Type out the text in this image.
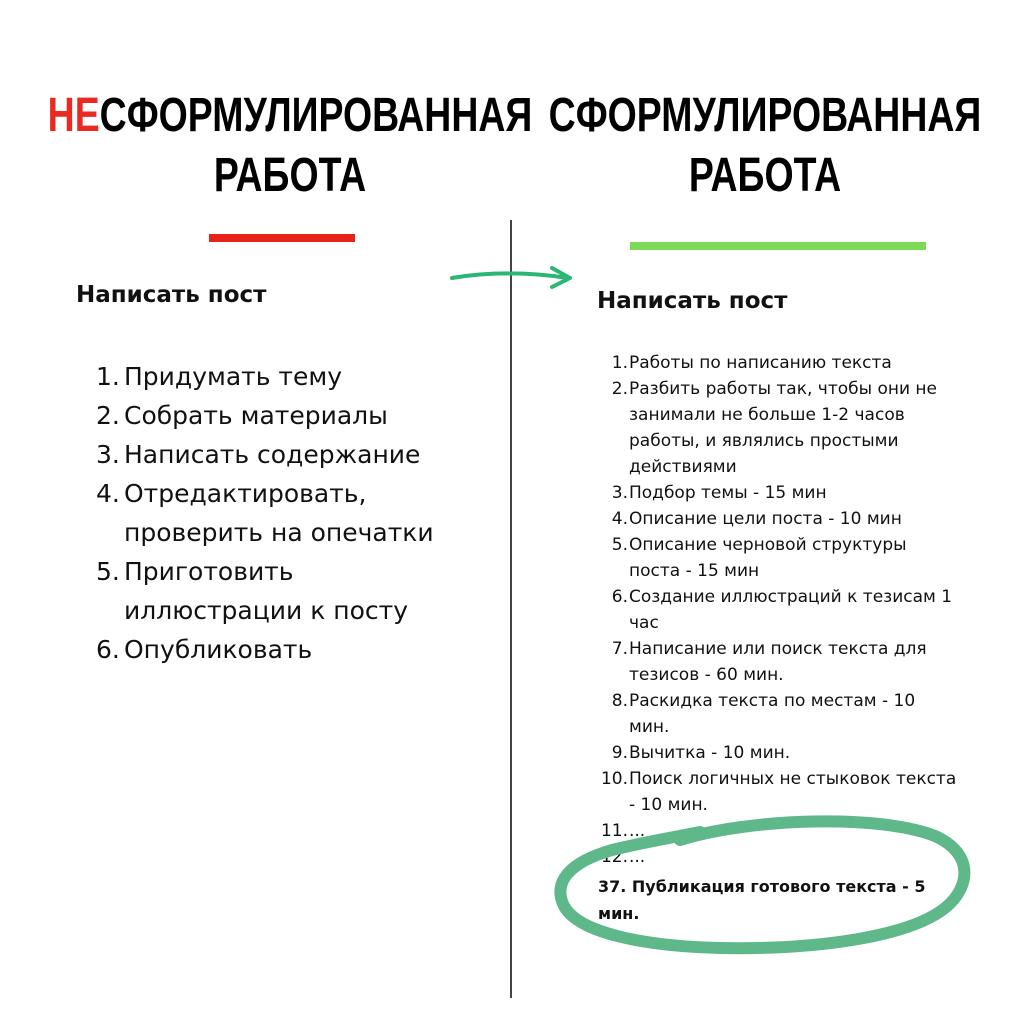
НЕСФОРМУЛИРОВАННАЯ
РАБОТА
СФОРМУЛИРОВАННАЯ
РАБОТА
Написать пост
1. Придумать тему
2. Собрать материалы
3. Написать содержание
4. Отредактировать, проверить на опечатки
5. Приготовить иллюстрации к посту
6. Опубликовать
Написать пост
1. Работы по написанию текста
2. Разбить работы так, чтобы они не занимали не больше 1-2 часов работы, и являлись простыми действиями
3. Подбор темы - 15 мин
4. Описание цели поста - 10 мин
5. Описание черновой структуры поста - 15 мин
6. Создание иллюстраций к тезисам 1 час
7. Написание или поиск текста для тезисов - 60 мин.
8. Раскидка текста по местам - 10 мин.
9. Вычитка - 10 мин.
10. Поиск логичных не стыковок текста - 10 мин.
11. ...
12. ...
37. Публикация готового текста - 5 мин.
